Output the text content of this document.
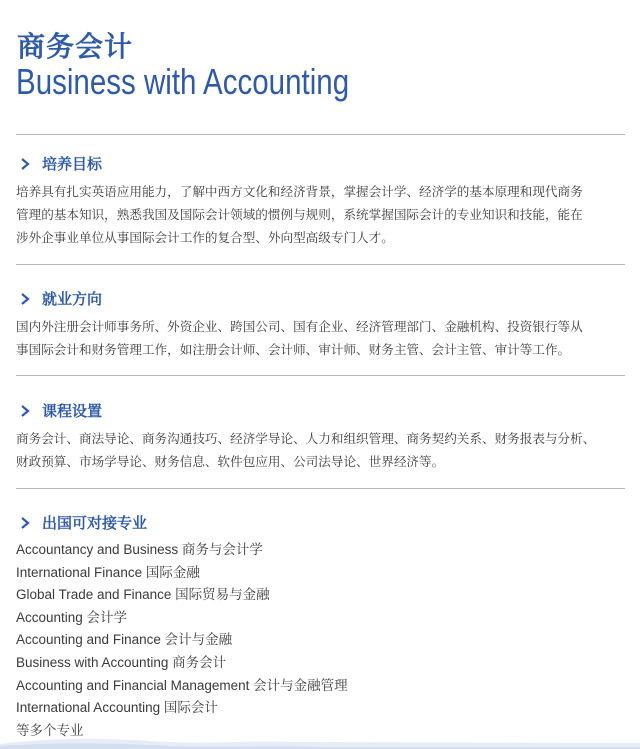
商务会计
Business with Accounting
培养目标

培养具有扎实英语应用能力，了解中西方文化和经济背景，掌握会计学、经济学的基本原理和现代商务
管理的基本知识，熟悉我国及国际会计领域的惯例与规则，系统掌握国际会计的专业知识和技能，能在
涉外企事业单位从事国际会计工作的复合型、外向型高级专门人才。

就业方向

国内外注册会计师事务所、外资企业、跨国公司、国有企业、经济管理部门、金融机构、投资银行等从
事国际会计和财务管理工作，如注册会计师、会计师、审计师、财务主管、会计主管、审计等工作。

课程设置

商务会计、商法导论、商务沟通技巧、经济学导论、人力和组织管理、商务契约关系、财务报表与分析、
财政预算、市场学导论、财务信息、软件包应用、公司法导论、世界经济等。

出国可对接专业
Accountancy and Business 商务与会计学
International Finance 国际金融
Global Trade and Finance 国际贸易与金融
Accounting 会计学
Accounting and Finance 会计与金融
Business with Accounting 商务会计
Accounting and Financial Management 会计与金融管理
International Accounting 国际会计
等多个专业
